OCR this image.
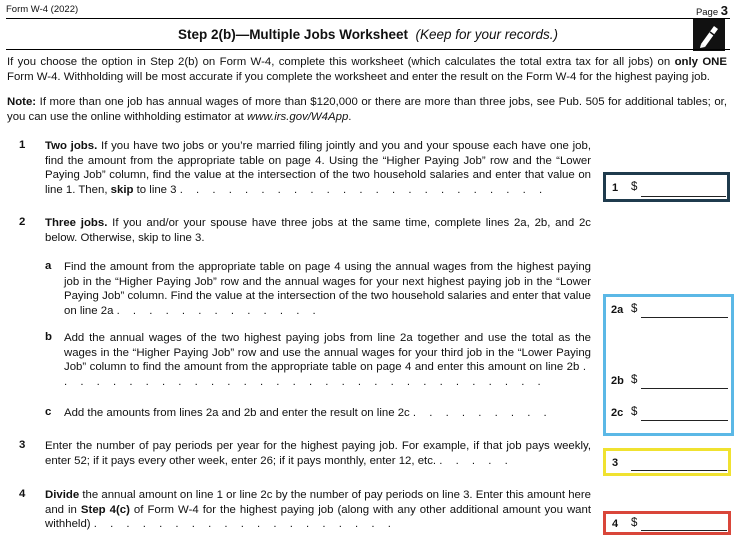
Form W-4 (2022)	Page 3
Step 2(b)—Multiple Jobs Worksheet (Keep for your records.)
If you choose the option in Step 2(b) on Form W-4, complete this worksheet (which calculates the total extra tax for all jobs) on only ONE Form W-4. Withholding will be most accurate if you complete the worksheet and enter the result on the Form W-4 for the highest paying job.
Note: If more than one job has annual wages of more than $120,000 or there are more than three jobs, see Pub. 505 for additional tables; or, you can use the online withholding estimator at www.irs.gov/W4App.
1 Two jobs. If you have two jobs or you’re married filing jointly and you and your spouse each have one job, find the amount from the appropriate table on page 4. Using the “Higher Paying Job” row and the “Lower Paying Job” column, find the value at the intersection of the two household salaries and enter that value on line 1. Then, skip to line 3 . . . . . . . . . . . . . . . . . . . . . . .	1 $
2 Three jobs. If you and/or your spouse have three jobs at the same time, complete lines 2a, 2b, and 2c below. Otherwise, skip to line 3.
2a $
2b $
2c $
a Find the amount from the appropriate table on page 4 using the annual wages from the highest paying job in the “Higher Paying Job” row and the annual wages for your next highest paying job in the “Lower Paying Job” column. Find the value at the intersection of the two household salaries and enter that value on line 2a . . . . . . . . . . . . .
b Add the annual wages of the two highest paying jobs from line 2a together and use the total as the wages in the “Higher Paying Job” row and use the annual wages for your third job in the “Lower Paying Job” column to find the amount from the appropriate table on page 4 and enter this amount on line 2b . . . . . . . . . . . . . . . . . . . . . . . . . . . . . . .
c Add the amounts from lines 2a and 2b and enter the result on line 2c . . . . . . . . .
3 Enter the number of pay periods per year for the highest paying job. For example, if that job pays weekly, enter 52; if it pays every other week, enter 26; if it pays monthly, enter 12, etc. . . . . .	3
4 Divide the annual amount on line 1 or line 2c by the number of pay periods on line 3. Enter this amount here and in Step 4(c) of Form W-4 for the highest paying job (along with any other additional amount you want withheld) . . . . . . . . . . . . . . . . . . .	4 $
